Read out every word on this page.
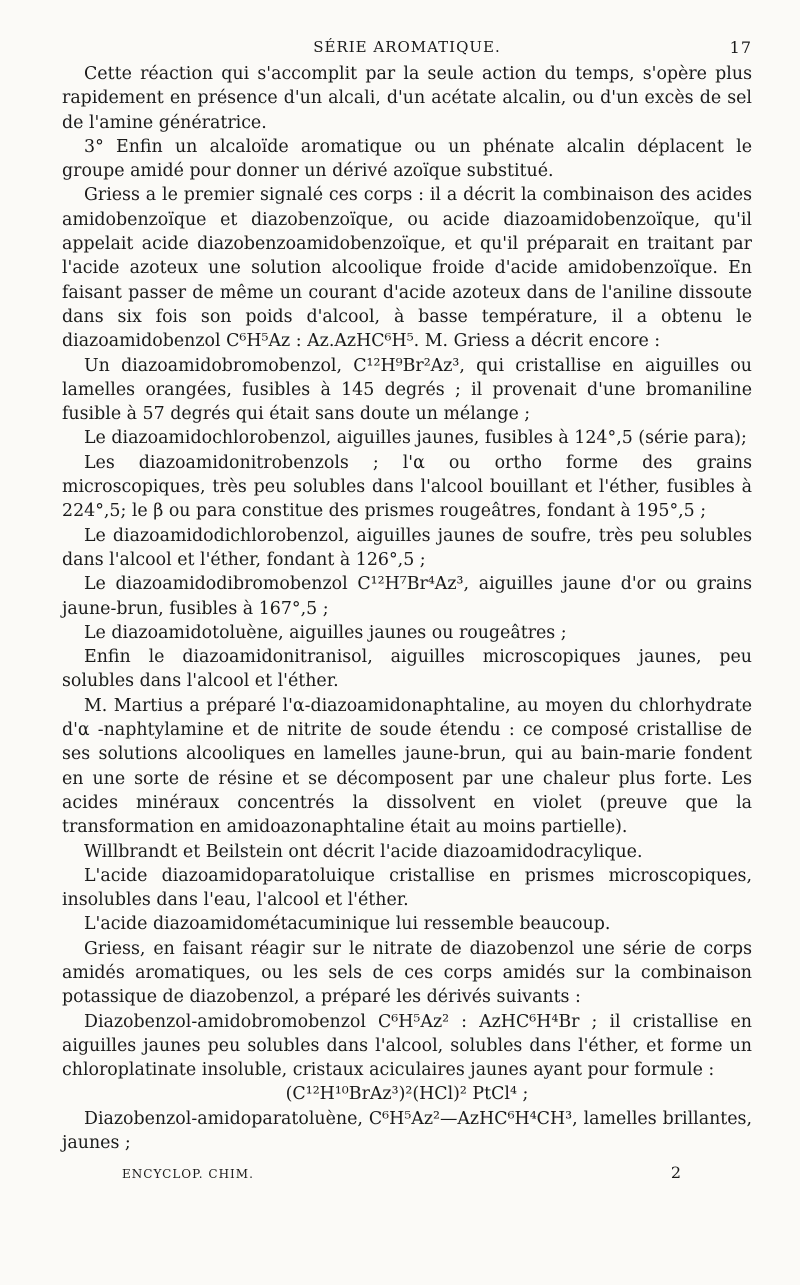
SÉRIE AROMATIQUE.	17

Cette réaction qui s'accomplit par la seule action du temps, s'opère plus rapidement en présence d'un alcali, d'un acétate alcalin, ou d'un excès de sel de l'amine génératrice.

3° Enfin un alcaloïde aromatique ou un phénate alcalin déplacent le groupe amidé pour donner un dérivé azoïque substitué.

Griess a le premier signalé ces corps : il a décrit la combinaison des acides amidobenzoïque et diazobenzoïque, ou acide diazoamidobenzoïque, qu'il appelait acide diazobenzoamidobenzoïque, et qu'il préparait en traitant par l'acide azoteux une solution alcoolique froide d'acide amidobenzoïque. En faisant passer de même un courant d'acide azoteux dans de l'aniline dissoute dans six fois son poids d'alcool, à basse température, il a obtenu le diazoamidobenzol C⁶H⁵Az : Az.AzHC⁶H⁵. M. Griess a décrit encore :

Un diazoamidobromobenzol, C¹²H⁹Br²Az³, qui cristallise en aiguilles ou lamelles orangées, fusibles à 145 degrés ; il provenait d'une bromaniline fusible à 57 degrés qui était sans doute un mélange ;

Le diazoamidochlorobenzol, aiguilles jaunes, fusibles à 124°,5 (série para);

Les diazoamidonitrobenzols ; l'α ou ortho forme des grains microscopiques, très peu solubles dans l'alcool bouillant et l'éther, fusibles à 224°,5; le β ou para constitue des prismes rougeâtres, fondant à 195°,5 ;

Le diazoamidodichlorobenzol, aiguilles jaunes de soufre, très peu solubles dans l'alcool et l'éther, fondant à 126°,5 ;

Le diazoamidodibromobenzol C¹²H⁷Br⁴Az³, aiguilles jaune d'or ou grains jaune-brun, fusibles à 167°,5 ;

Le diazoamidotoluène, aiguilles jaunes ou rougeâtres ;

Enfin le diazoamidonitranisol, aiguilles microscopiques jaunes, peu solubles dans l'alcool et l'éther.

M. Martius a préparé l'α-diazoamidonaphtaline, au moyen du chlorhydrate d'α -naphtylamine et de nitrite de soude étendu : ce composé cristallise de ses solutions alcooliques en lamelles jaune-brun, qui au bain-marie fondent en une sorte de résine et se décomposent par une chaleur plus forte. Les acides minéraux concentrés la dissolvent en violet (preuve que la transformation en amidoazonaphtaline était au moins partielle).

Willbrandt et Beilstein ont décrit l'acide diazoamidodracylique.

L'acide diazoamidoparatoluique cristallise en prismes microscopiques, insolubles dans l'eau, l'alcool et l'éther.

L'acide diazoamidométacuminique lui ressemble beaucoup.

Griess, en faisant réagir sur le nitrate de diazobenzol une série de corps amidés aromatiques, ou les sels de ces corps amidés sur la combinaison potassique de diazobenzol, a préparé les dérivés suivants :

Diazobenzol-amidobromobenzol C⁶H⁵Az² : AzHC⁶H⁴Br ; il cristallise en aiguilles jaunes peu solubles dans l'alcool, solubles dans l'éther, et forme un chloroplatinate insoluble, cristaux aciculaires jaunes ayant pour formule :

(C¹²H¹⁰BrAz³)²(HCl)² PtCl⁴ ;

Diazobenzol-amidoparatoluène, C⁶H⁵Az²—AzHC⁶H⁴CH³, lamelles brillantes, jaunes ;

ENCYCLOP. CHIM.	2
